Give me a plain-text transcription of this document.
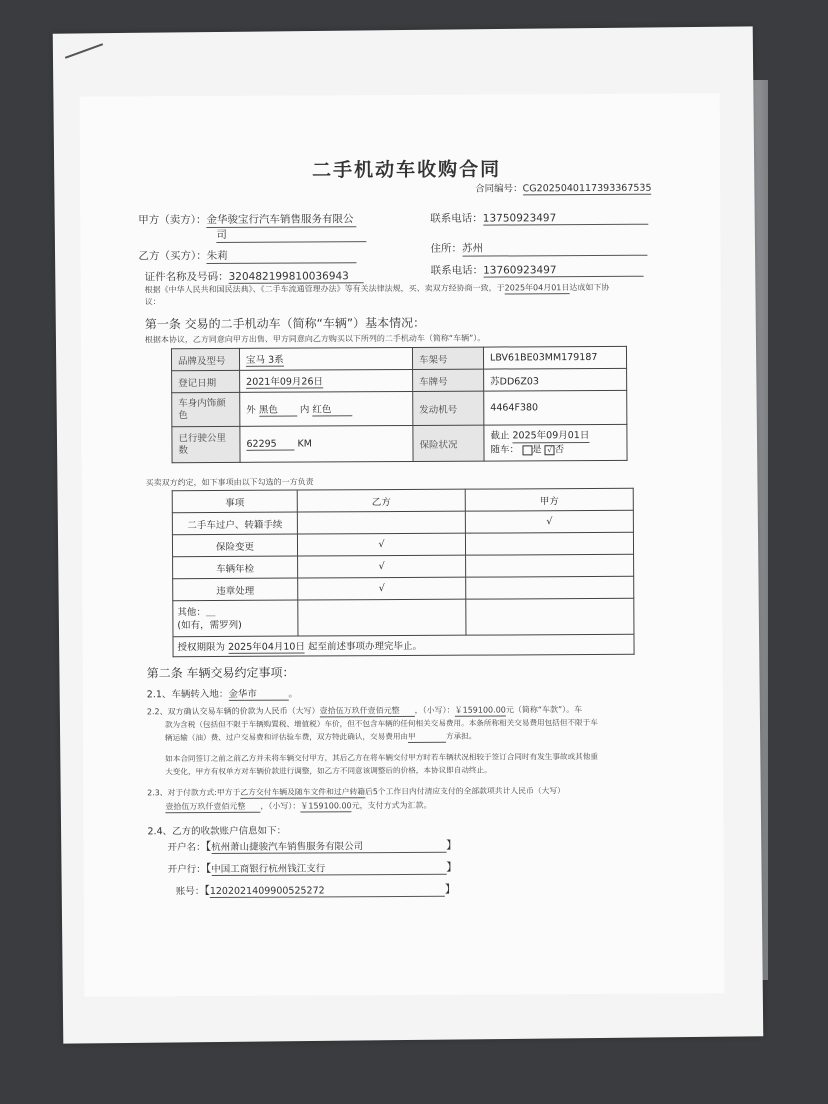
二手机动车收购合同
合同编号：CG2025040117393367535
甲方（卖方）：金华骏宝行汽车销售服务有限公
司
联系电话：13750923497
乙方（买方）：朱莉
住所：苏州
证件名称及号码：320482199810036943	联系电话：13760923497
根据《中华人民共和国民法典》、《二手车流通管理办法》等有关法律法规，买、卖双方经协商一致，于2025年04月01日达成如下协
议：
第一条 交易的二手机动车（简称“车辆”）基本情况：
根据本协议，乙方同意向甲方出售、甲方同意向乙方购买以下所列的二手机动车（简称“车辆”）。
品牌及型号	宝马 3系	车架号	LBV61BE03MM179187
登记日期	2021年09月26日	车牌号	苏DD6Z03
车身内饰颜色	外 黑色 内 红色	发动机号	4464F380
已行驶公里数	62295 KM	保险状况	截止 2025年09月01日
随车： 是 √ 否
买卖双方约定，如下事项由以下勾选的一方负责
事项	乙方	甲方
二手车过户、转籍手续		√
保险变更	√	
车辆年检	√	
违章处理	√	

其他：＿
(如有，需罗列)		

授权期限为 2025年04月10日 起至前述事项办理完毕止。		
第二条 车辆交易约定事项：
2.1、车辆转入地：金华市	。
2.2、双方确认交易车辆的价款为人民币（大写）壹拾伍万玖仟壹佰元整 ，（小写）：￥159100.00元（简称“车款”）。车
款为含税（包括但不限于车辆购置税、增值税）车价，但不包含车辆的任何相关交易费用。本条所称相关交易费用包括但不限于车
辆运输（油）费、过户交易费和评估验车费，双方特此确认，交易费用由甲	方承担。
如本合同签订之前之前乙方并未将车辆交付甲方，其后乙方在将车辆交付甲方时若车辆状况相较于签订合同时有发生事故或其他重
大变化，甲方有权单方对车辆价款进行调整，如乙方不同意该调整后的价格，本协议即自动终止。
2.3、对于付款方式:甲方于乙方交付车辆及随车文件和过户转籍后5个工作日内付清应支付的全部款项共计人民币（大写）
壹拾伍万玖仟壹佰元整 ，（小写）：￥159100.00元，支付方式为汇款。
2.4、乙方的收款账户信息如下：
开户名：【杭州萧山捷骏汽车销售服务有限公司	】
开户行：【中国工商银行杭州钱江支行	】
账号：【1202021409900525272	】
